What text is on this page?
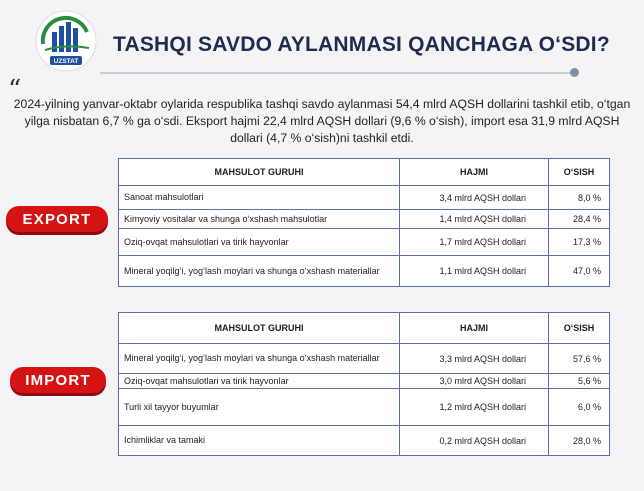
UZSTAT
TASHQI SAVDO AYLANMASI QANCHAGA O‘SDI?
“
2024-yilning yanvar-oktabr oylarida respublika tashqi savdo aylanmasi 54,4 mlrd AQSH dollarini tashkil etib, o‘tgan yilga nisbatan 6,7 % ga o‘sdi. Eksport hajmi 22,4 mlrd AQSH dollari (9,6 % o‘sish), import esa 31,9 mlrd AQSH dollari (4,7 % o‘sish)ni tashkil etdi.
EXPORT
MAHSULOT GURUHI	HAJMI	O‘SISH
Sanoat mahsulotlari	3,4 mlrd AQSH dollari	8,0 %
Kimyoviy vositalar va shunga o‘xshash mahsulotlar	1,4 mlrd AQSH dollari	28,4 %
Oziq-ovqat mahsulotlari va tirik hayvonlar	1,7 mlrd AQSH dollari	17,3 %
Mineral yoqilg‘i, yog‘lash moylari va shunga o‘xshash materiallar	1,1 mlrd AQSH dollari	47,0 %
IMPORT
MAHSULOT GURUHI	HAJMI	O‘SISH
Mineral yoqilg‘i, yog‘lash moylari va shunga o‘xshash materiallar	3,3 mlrd AQSH dollari	57,6 %
Oziq-ovqat mahsulotlari va tirik hayvonlar	3,0 mlrd AQSH dollari	5,6 %
Turli xil tayyor buyumlar	1,2 mlrd AQSH dollari	6,0 %
Ichimliklar va tamaki	0,2 mlrd AQSH dollari	28,0 %
